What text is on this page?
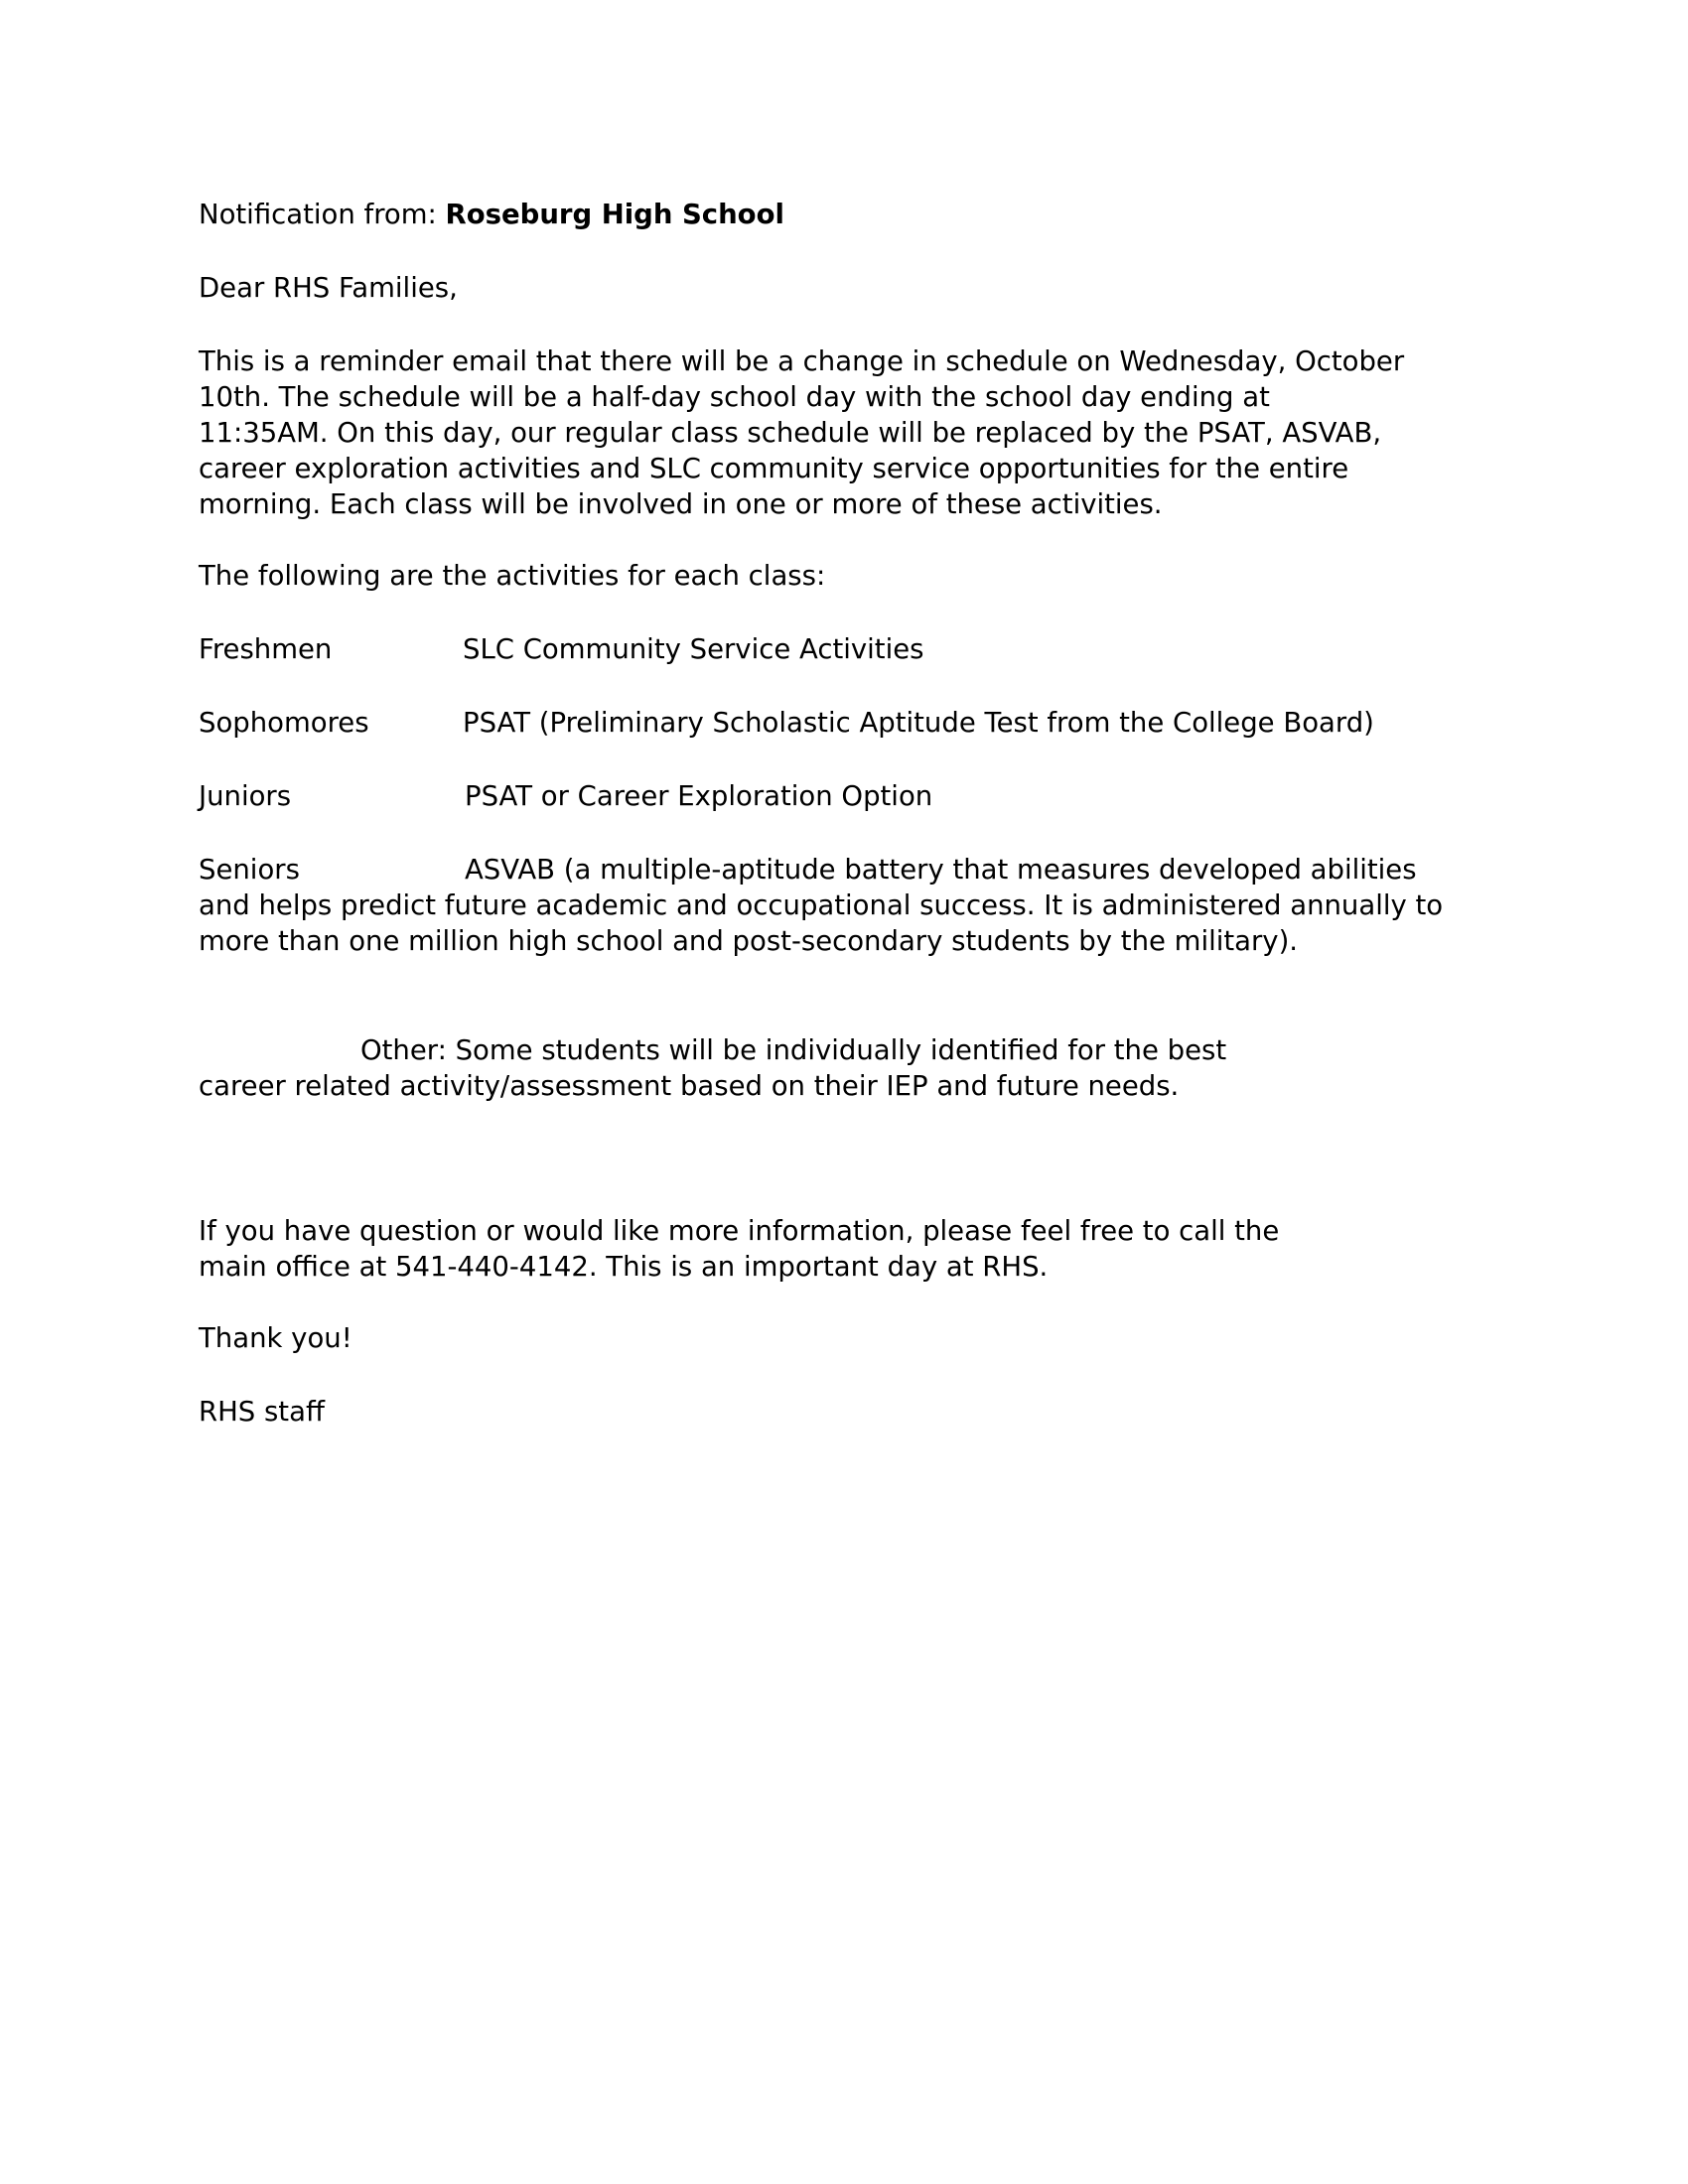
Notification from: Roseburg High School

Dear RHS Families,

This is a reminder email that there will be a change in schedule on Wednesday, October
10th. The schedule will be a half-day school day with the school day ending at
11:35AM. On this day, our regular class schedule will be replaced by the PSAT, ASVAB,
career exploration activities and SLC community service opportunities for the entire
morning. Each class will be involved in one or more of these activities.

The following are the activities for each class:

Freshmen	SLC Community Service Activities
Sophomores	PSAT (Preliminary Scholastic Aptitude Test from the College Board)
Juniors	PSAT or Career Exploration Option
Seniors	ASVAB (a multiple-aptitude battery that measures developed abilities
and helps predict future academic and occupational success. It is administered annually to
more than one million high school and post-secondary students by the military).

Other: Some students will be individually identified for the best
career related activity/assessment based on their IEP and future needs.

If you have question or would like more information, please feel free to call the
main office at 541-440-4142. This is an important day at RHS.

Thank you!

RHS staff
